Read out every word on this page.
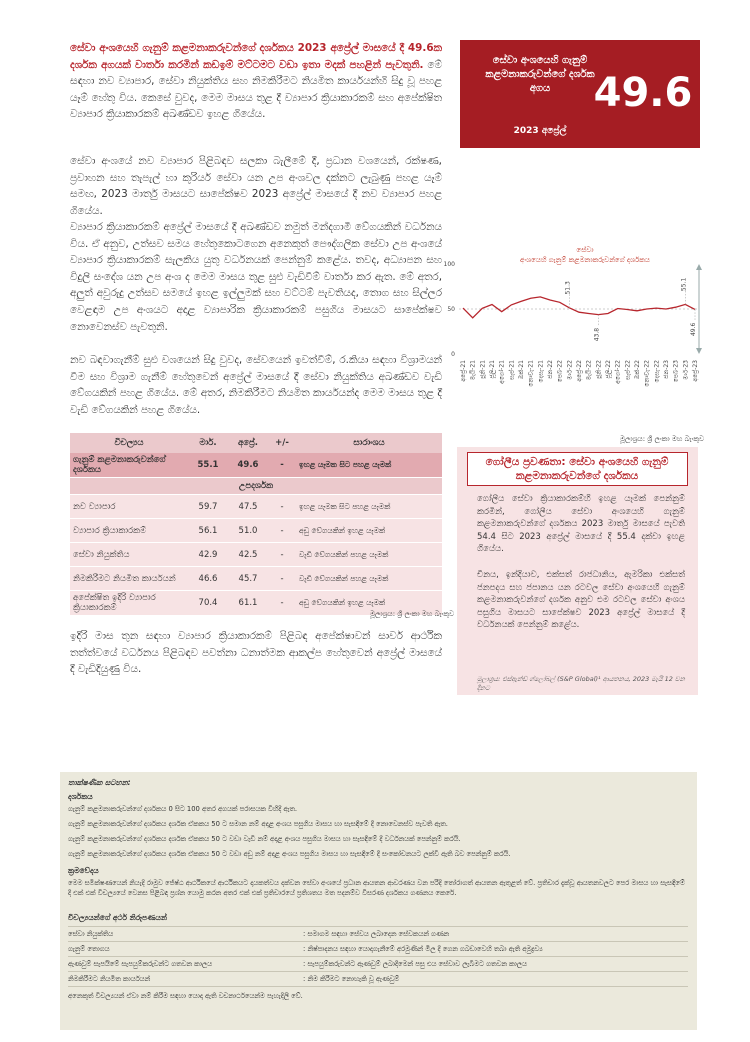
සේවා අංශයෙහි ගැනුම් කළමනාකරුවන්ගේ දර්ශකය 2023 අප්‍රේල් මාසයේ දී 49.6ක දර්ශක අගයක් වාර්තා කරමින් කඩඉම් මට්ටමට වඩා ඉතා මදක් පහළින් පැවතුනි. මේ සඳහා නව ව්‍යාපාර, සේවා නියුක්තිය සහ නිමකිරීමට නියමිත කාර්යයන්හි සිදු වූ පහළ යෑම් හේතු විය. කෙසේ වුවද, මෙම මාසය තුළ දී ව්‍යාපාර ක්‍රියාකාරකම් සහ අපේක්ෂිත ව්‍යාපාර ක්‍රියාකාරකම් අඛණ්ඩව ඉහළ ගියේය.

සේවා අංශයේ නව ව්‍යාපාර පිළිබඳව සලකා බැලීමේ දී, ප්‍රධාන වශයෙන්, රක්ෂණ, ප්‍රවාහන සහ තැපැල් හා කුරියර් සේවා යන උප අංශවල දක්නට ලැබුණු පහළ යෑම් සමඟ, 2023 මාර්තු මාසයට සාපේක්ෂව 2023 අප්‍රේල් මාසයේ දී නව ව්‍යාපාර පහළ ගියේය.

ව්‍යාපාර ක්‍රියාකාරකම් අප්‍රේල් මාසයේ දී අඛණ්ඩව නමුත් මන්දගාමී වේගයකින් වර්ධනය විය. ඒ අනුව, උත්සව සමය හේතුකොටගෙන අනෙකුත් පෞද්ගලික සේවා උප අංශයේ ව්‍යාපාර ක්‍රියාකාරකම් සැලකිය යුතු වර්ධනයක් පෙන්නුම් කළේය. තවද, අධ්‍යාපන සහ විදුලි සංදේශ යන උප අංශ ද මෙම මාසය තුළ සුළු වැඩිවීම් වාර්තා කර ඇත. මේ අතර, අලුත් අවුරුදු උත්සව සමයේ ඉහළ ඉල්ලුමක් සහ වට්ටම් පැවතියද, තොග සහ සිල්ලර වෙළඳාම උප අංශයට අදාළ ව්‍යාපාරික ක්‍රියාකාරකම් පසුගිය මාසයට සාපේක්ෂව නොවෙනස්ව පැවතුනි.

නව බඳවාගැනීම් සුළු වශයෙන් සිදු වුවද, සේවයෙන් ඉවත්වීම්, ර.කියා සඳහා විශ්‍රාමයන් වීම සහ විශ්‍රාම ගැනීම් හේතුවෙන් අප්‍රේල් මාසයේ දී සේවා නියුක්තිය අඛණ්ඩව වැඩි වේගයකින් පහළ ගියේය. මේ අතර, නිමකිරීමට නියමිත කාර්යයන්ද මෙම මාසය තුළ දී වැඩි වේගයකින් පහළ ගියේය.

සේවා අංශයෙහි ගැනුම් කළමනාකරුවන්ගේ දර්ශක අගය	49.6
2023 අප්‍රේල්
සේවා අංශයෙහි ගැනුම් කළමනාකරුවන්ගේ දර්ශකය
0
50
100
අප්‍රේ-21 මැයි-21 ජූනි-21 ජූලි-21 අගෝ-21 සැප්-21 ඔක්-21 නොවැ-21 දෙසැ-21 ජන-22 පෙබ-22 මාර්-22 අප්‍රේ-22 මැයි-22 ජූනි-22 ජූලි-22 අගෝ-22 සැප්-22 ඔක්-22 නොවැ-22 දෙසැ-22 ජන-23 පෙබ-23 මාර්-23 අප්‍රේ-23
51.3
43.8
55.1
49.6
මූලාශ්‍රය: ශ්‍රී ලංකා මහ බැංකුව
විචල්‍යය	මාර්.	අප්‍රේ.	+/-	සාරාංශය
ගැනුම් කළමනාකරුවන්ගේ දර්ශකය	55.1	49.6	-	ඉහළ යෑමක සිට පහළ යෑමක්
උපදර්ශක				
නව ව්‍යාපාර	59.7	47.5	-	ඉහළ යෑමක සිට පහළ යෑමක්
ව්‍යාපාර ක්‍රියාකාරකම්	56.1	51.0	-	අඩු වේගයකින් ඉහළ යෑමක්
සේවා නියුක්තිය	42.9	42.5	-	වැඩි වේගයකින් පහළ යෑමක්
නිමකිරීමට නියමිත කාර්යයන්	46.6	45.7	-	වැඩි වේගයකින් පහළ යෑමක්
අපේක්ෂිත ඉදිරි ව්‍යාපාර ක්‍රියාකාරකම්	70.4	61.1	-	අඩු වේගයකින් ඉහළ යෑමක්
මූලාශ්‍රය: ශ්‍රී ලංකා මහ බැංකුව

ඉදිරි මාස තුන සඳහා ව්‍යාපාර ක්‍රියාකාරකම් පිළිබඳ අපේක්ෂාවන් සාර්ව ආර්ථික තත්ත්වයේ වර්ධනය පිළිබඳව පවත්නා ධනාත්මක ආකල්ප හේතුවෙන් අප්‍රේල් මාසයේ දී වැඩිදියුණු විය.

ගෝලීය ප්‍රවණතා: සේවා අංශයෙහි ගැනුම් කළමනාකරුවන්ගේ දර්ශකය

ගෝලීය සේවා ක්‍රියාකාරකම්හි ඉහළ යෑමක් පෙන්නුම් කරමින්, ගෝලීය සේවා අංශයෙහි ගැනුම් කළමනාකරුවන්ගේ දර්ශකය 2023 මාර්තු මාසයේ පැවති 54.4 සිට 2023 අප්‍රේල් මාසයේ දී 55.4 දක්වා ඉහළ ගියේය.

චීනය, ඉන්දියාව, එක්සත් රාජධානිය, ඇමරිකා එක්සත් ජනපදය සහ ජපානය යන රටවල සේවා අංශයෙහි ගැනුම් කළමනාකරුවන්ගේ දර්ශක අනුව එම රටවල සේවා අංශය පසුගිය මාසයට සාපේක්ෂව 2023 අප්‍රේල් මාසයේ දී වර්ධනයක් පෙන්නුම් කළේය.

මූලාශ්‍රය: එස්ඇන්ඩ් ග්ලෝබල් (S&P Global)¹ ආයතනය, 2023 මැයි 12 වන දිනට
තාක්ෂණික සටහන:
දර්ශකය
ගැනුම් කළමනාකරුවන්ගේ දර්ශකය 0 සිට 100 අතර අගයක් පරාසයක විහිදී ඇත.
ගැනුම් කළමනාකරුවන්ගේ දර්ශකය දර්ශක ඒකකය 50 ට සමාන නම් අදාළ අංශය පසුගිය මාසය හා සැසඳීමේ දී නොවෙනස්ව පැවති ඇත.
ගැනුම් කළමනාකරුවන්ගේ දර්ශකය දර්ශක ඒකකය 50 ට වඩා වැඩි නම් අදාළ අංශය පසුගිය මාසය හා සැසඳීමේ දී වර්ධනයක් පෙන්නුම් කරයි.
ගැනුම් කළමනාකරුවන්ගේ දර්ශකය දර්ශක ඒකකය 50 ට වඩා අඩු නම් අදාළ අංශය පසුගිය මාසය හා සැසඳීමේ දී සංකෝචනයට ලක්වී ඇති බව පෙන්නුම් කරයි.
ක්‍රමවේදය
මෙම සමීක්ෂණයෙන් නියැදි රාමුව ජේෂ්ඨ ආර්ථිකයේ ආර්ථිකයට දායකත්වය දක්වන සේවා අංශයේ ප්‍රධාන ආයතන ආවරණය වන පරිදි තෝරාගත් ආයතන ඇතුළත් වේ. ප්‍රතිචාර දැක්වූ ආයතනවලට පෙර මාසය හා සැසඳීමේ දී එක් එක් විචල්‍යයේ වෙනස පිළිබඳ ප්‍රශ්න යොමු කරන අතර එක් එක් ප්‍රතිචාරයේ ප්‍රතිශතය මත පදනම්ව විසරණ දර්ශකය ගණනය කෙරේ.
විචල්‍යයන්ගේ අර්ථ නිරූපණයන්
සේවා නියුක්තිය	: සමාගම සඳහා සේවය ලබාදෙන සේවකයන් ගණන
ගැනුම් තොගය	: නිෂ්පාදනය සඳහා යොදාගැනීමේ අරමුණින් මිල දී ගෙන ගබඩාවෙහි තබා ඇති අමුද්‍රව්‍ය
ඇණවුම් සැපයීමේ සැපයුම්කරුවන්ට ගතවන කාලය	: සැපයුම්කරුවන්ට ඇණවුම් ලබාදීමෙන් පසු එය සේවාව ලැබීමට ගතවන කාලය
නිමකිරීමට නියමිත කාර්යයන්	: නිම කිරීමට නොහැකි වූ ඇණවුම්
අනෙකුත් විචල්‍යයන් ඒවා නම් කිරීම සඳහා යොදා ඇති වචනාර්ථයෙන්ම පැහැදිලි වේ.
